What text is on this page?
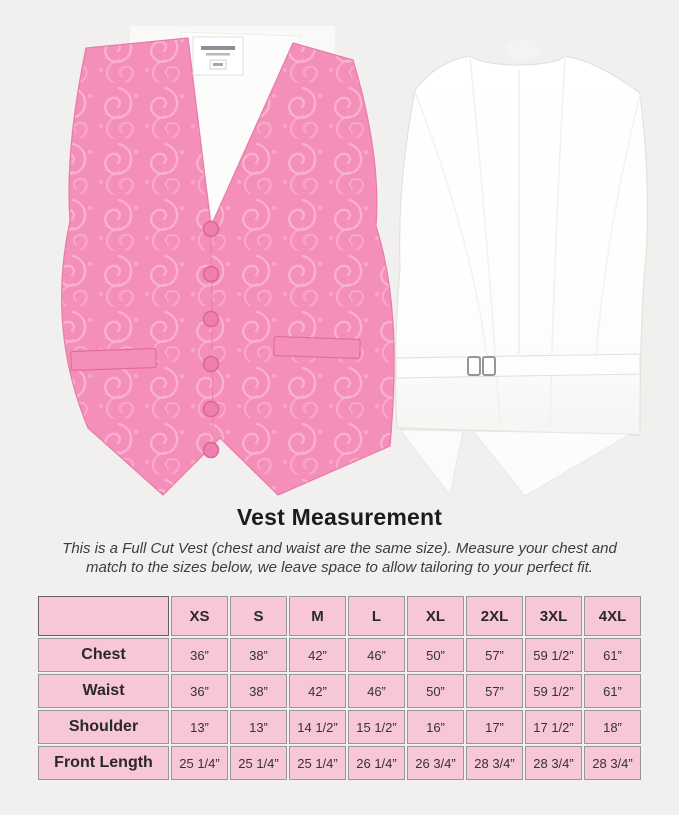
Vest Measurement
This is a Full Cut Vest (chest and waist are the same size). Measure your chest and
match to the sizes below, we leave space to allow tailoring to your perfect fit.
	XS	S	M	L	XL	2XL	3XL	4XL
Chest	36”	38”	42”	46”	50”	57”	59 1/2”	61”
Waist	36”	38”	42”	46”	50”	57”	59 1/2”	61”
Shoulder	13”	13”	14 1/2”	15 1/2”	16”	17”	17 1/2”	18”
Front Length	25 1/4”	25 1/4”	25 1/4”	26 1/4”	26 3/4”	28 3/4”	28 3/4”	28 3/4”
